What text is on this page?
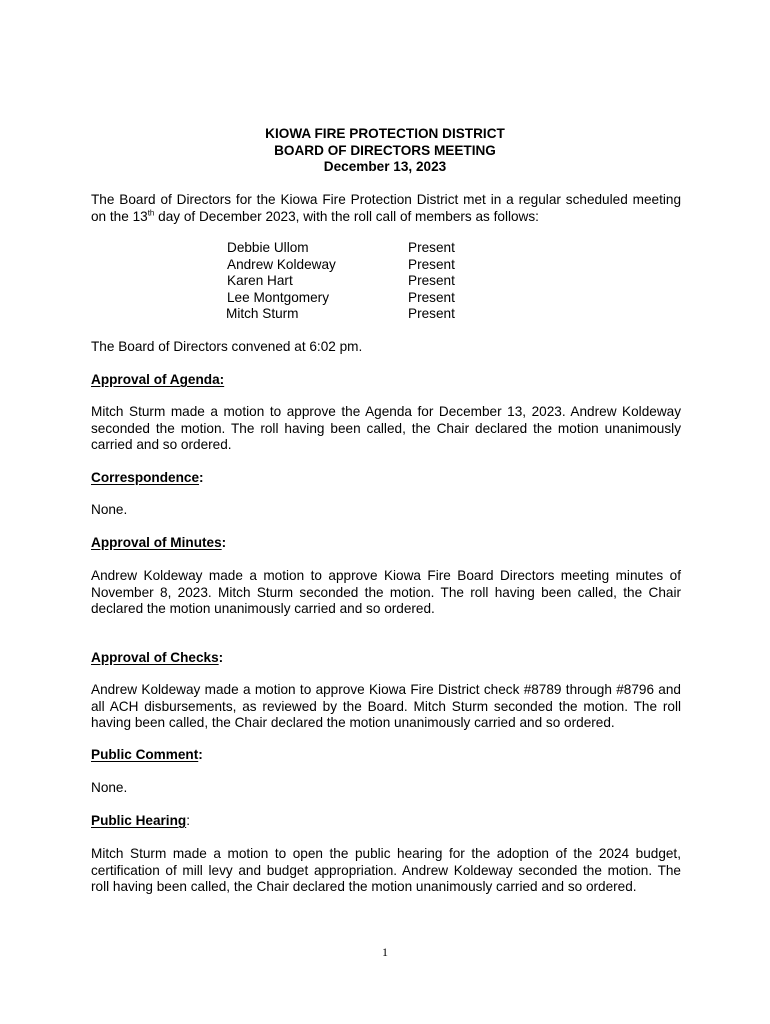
KIOWA FIRE PROTECTION DISTRICT
BOARD OF DIRECTORS MEETING
December 13, 2023
The Board of Directors for the Kiowa Fire Protection District met in a regular scheduled meeting
on the 13th day of December 2023, with the roll call of members as follows:
Debbie Ullom	Present
Andrew Koldeway	Present
Karen Hart	Present
Lee Montgomery	Present
Mitch Sturm	Present
The Board of Directors convened at 6:02 pm.
Approval of Agenda:
Mitch Sturm made a motion to approve the Agenda for December 13, 2023. Andrew Koldeway
seconded the motion. The roll having been called, the Chair declared the motion unanimously
carried and so ordered.
Correspondence:
None.
Approval of Minutes:
Andrew Koldeway made a motion to approve Kiowa Fire Board Directors meeting minutes of
November 8, 2023. Mitch Sturm seconded the motion. The roll having been called, the Chair
declared the motion unanimously carried and so ordered.
Approval of Checks:
Andrew Koldeway made a motion to approve Kiowa Fire District check #8789 through #8796 and
all ACH disbursements, as reviewed by the Board. Mitch Sturm seconded the motion. The roll
having been called, the Chair declared the motion unanimously carried and so ordered.
Public Comment:
None.
Public Hearing:
Mitch Sturm made a motion to open the public hearing for the adoption of the 2024 budget,
certification of mill levy and budget appropriation. Andrew Koldeway seconded the motion. The
roll having been called, the Chair declared the motion unanimously carried and so ordered.
1
